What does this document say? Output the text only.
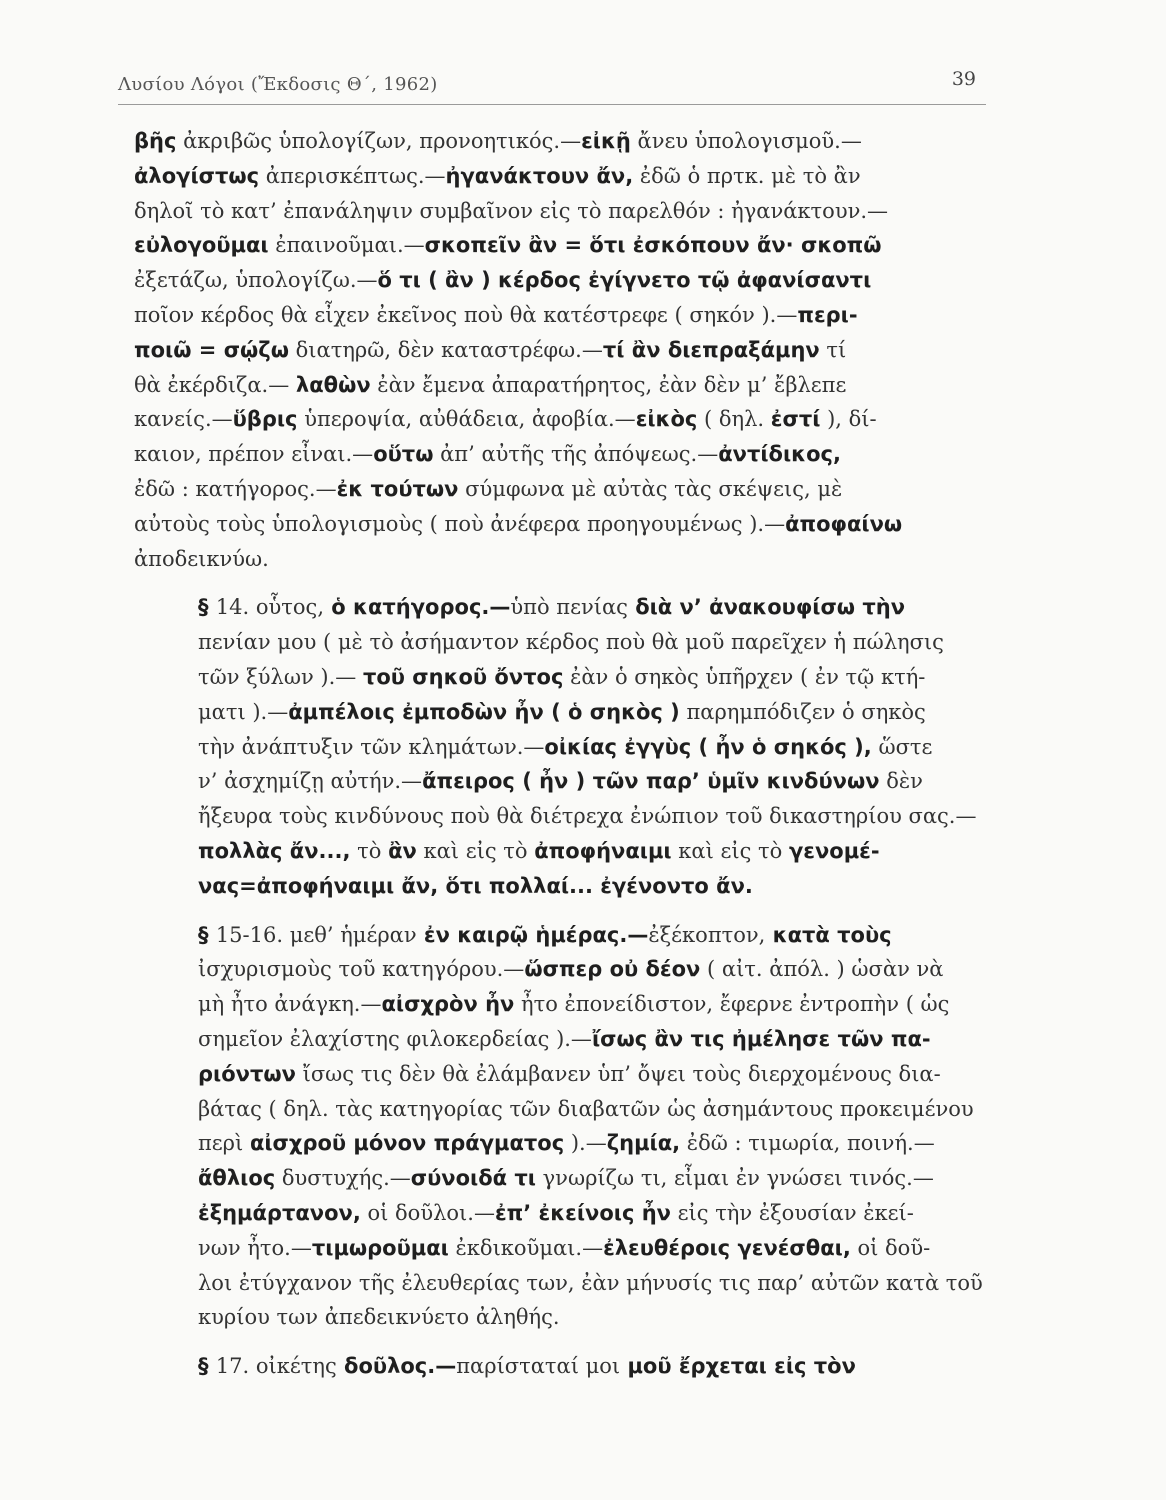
Λυσίου Λόγοι (Ἔκδοσις Θ΄, 1962)	39
βῆς ἀκριβῶς ὑπολογίζων, προνοητικός.—εἰκῇ ἄνευ ὑπολογισμοῦ.—
ἀλογίστως ἀπερισκέπτως.—ἠγανάκτουν ἄν, ἐδῶ ὁ πρτκ. μὲ τὸ ἂν
δηλοῖ τὸ κατ’ ἐπανάληψιν συμβαῖνον εἰς τὸ παρελθόν : ἠγανάκτουν.—
εὐλογοῦμαι ἐπαινοῦμαι.—σκοπεῖν ἂν = ὅτι ἐσκόπουν ἄν· σκοπῶ
ἐξετάζω, ὑπολογίζω.—ὅ τι ( ἂν ) κέρδος ἐγίγνετο τῷ ἀφανίσαντι
ποῖον κέρδος θὰ εἶχεν ἐκεῖνος ποὺ θὰ κατέστρεφε ( σηκόν ).—περι-
ποιῶ = σῴζω διατηρῶ, δὲν καταστρέφω.—τί ἂν διεπραξάμην τί
θὰ ἐκέρδιζα.— λαθὼν ἐὰν ἔμενα ἀπαρατήρητος, ἐὰν δὲν μ’ ἔβλεπε
κανείς.—ὕβρις ὑπεροψία, αὐθάδεια, ἀφοβία.—εἰκὸς ( δηλ. ἐστί ), δί-
καιον, πρέπον εἶναι.—οὕτω ἀπ’ αὐτῆς τῆς ἀπόψεως.—ἀντίδικος,
ἐδῶ : κατήγορος.—ἐκ τούτων σύμφωνα μὲ αὐτὰς τὰς σκέψεις, μὲ
αὐτοὺς τοὺς ὑπολογισμοὺς ( ποὺ ἀνέφερα προηγουμένως ).—ἀποφαίνω
ἀποδεικνύω.
§ 14. οὗτος, ὁ κατήγορος.—ὑπὸ πενίας διὰ ν’ ἀνακουφίσω τὴν
πενίαν μου ( μὲ τὸ ἀσήμαντον κέρδος ποὺ θὰ μοῦ παρεῖχεν ἡ πώλησις
τῶν ξύλων ).— τοῦ σηκοῦ ὄντος ἐὰν ὁ σηκὸς ὑπῆρχεν ( ἐν τῷ κτή-
ματι ).—ἀμπέλοις ἐμποδὼν ἦν ( ὁ σηκὸς ) παρημπόδιζεν ὁ σηκὸς
τὴν ἀνάπτυξιν τῶν κλημάτων.—οἰκίας ἐγγὺς ( ἦν ὁ σηκός ), ὥστε
ν’ ἀσχημίζῃ αὐτήν.—ἄπειρος ( ἦν ) τῶν παρ’ ὑμῖν κινδύνων δὲν
ἤξευρα τοὺς κινδύνους ποὺ θὰ διέτρεχα ἐνώπιον τοῦ δικαστηρίου σας.—
πολλὰς ἄν..., τὸ ἂν καὶ εἰς τὸ ἀποφήναιμι καὶ εἰς τὸ γενομέ-
νας=ἀποφήναιμι ἄν, ὅτι πολλαί... ἐγένοντο ἄν.
§ 15-16. μεθ’ ἡμέραν ἐν καιρῷ ἡμέρας.—ἐξέκοπτον, κατὰ τοὺς
ἰσχυρισμοὺς τοῦ κατηγόρου.—ὥσπερ οὐ δέον ( αἰτ. ἀπόλ. ) ὡσὰν νὰ
μὴ ἦτο ἀνάγκη.—αἰσχρὸν ἦν ἦτο ἐπονείδιστον, ἔφερνε ἐντροπὴν ( ὡς
σημεῖον ἐλαχίστης φιλοκερδείας ).—ἴσως ἂν τις ἠμέλησε τῶν πα-
ριόντων ἴσως τις δὲν θὰ ἐλάμβανεν ὑπ’ ὄψει τοὺς διερχομένους δια-
βάτας ( δηλ. τὰς κατηγορίας τῶν διαβατῶν ὡς ἀσημάντους προκειμένου
περὶ αἰσχροῦ μόνον πράγματος ).—ζημία, ἐδῶ : τιμωρία, ποινή.—
ἄθλιος δυστυχής.—σύνοιδά τι γνωρίζω τι, εἶμαι ἐν γνώσει τινός.—
ἐξημάρτανον, οἱ δοῦλοι.—ἐπ’ ἐκείνοις ἦν εἰς τὴν ἐξουσίαν ἐκεί-
νων ἦτο.—τιμωροῦμαι ἐκδικοῦμαι.—ἐλευθέροις γενέσθαι, οἱ δοῦ-
λοι ἐτύγχανον τῆς ἐλευθερίας των, ἐὰν μήνυσίς τις παρ’ αὐτῶν κατὰ τοῦ
κυρίου των ἀπεδεικνύετο ἀληθής.
§ 17. οἰκέτης δοῦλος.—παρίσταταί μοι μοῦ ἔρχεται εἰς τὸν
